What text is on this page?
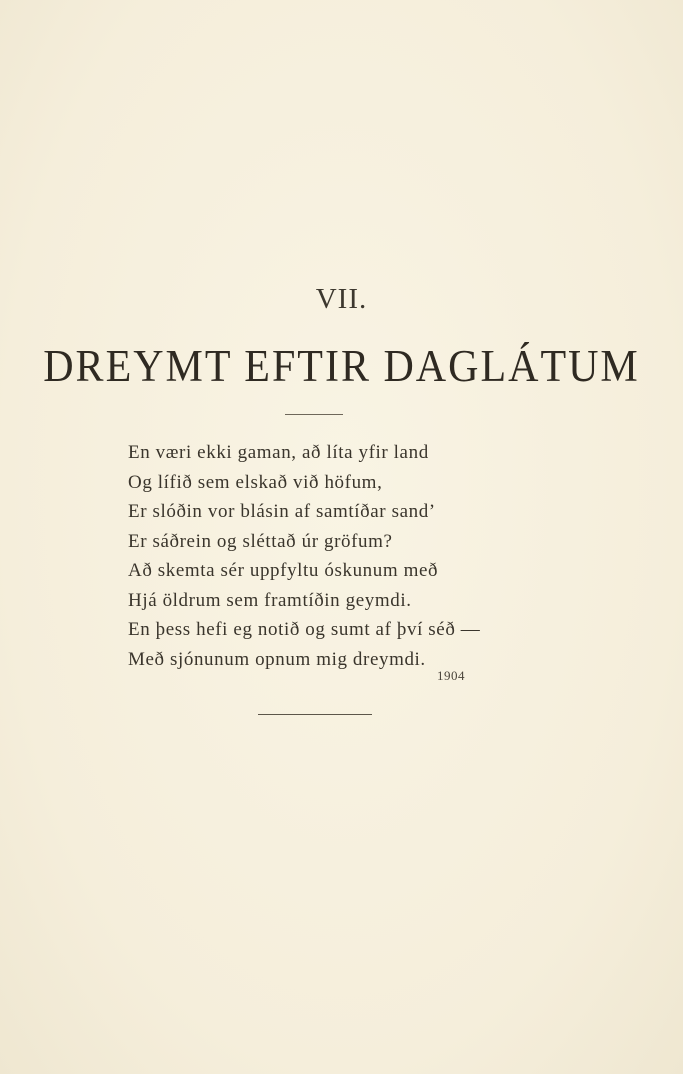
VII.
DREYMT EFTIR DAGLÁTUM
En væri ekki gaman, að líta yfir land
Og lífið sem elskað við höfum,
Er slóðin vor blásin af samtíðar sand’
Er sáðrein og sléttað úr gröfum?
Að skemta sér uppfyltu óskunum með
Hjá öldrum sem framtíðin geymdi.
En þess hefi eg notið og sumt af því séð —
Með sjónunum opnum mig dreymdi.
1904
